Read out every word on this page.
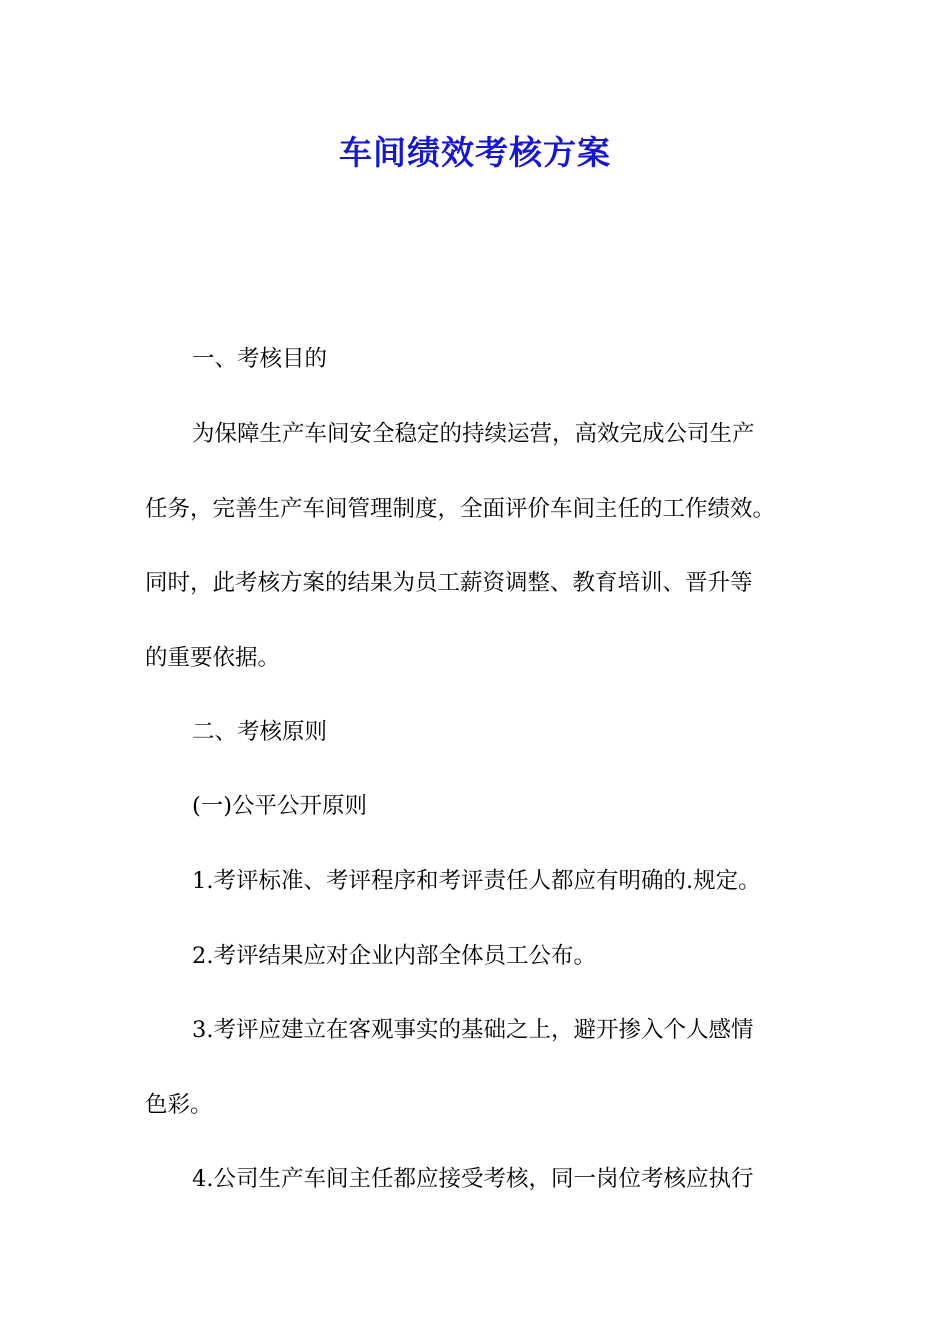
车间绩效考核方案

一、考核目的

为保障生产车间安全稳定的持续运营，高效完成公司生产

任务，完善生产车间管理制度，全面评价车间主任的工作绩效。

同时，此考核方案的结果为员工薪资调整、教育培训、晋升等

的重要依据。

二、考核原则

(一)公平公开原则

1.考评标准、考评程序和考评责任人都应有明确的.规定。

2.考评结果应对企业内部全体员工公布。

3.考评应建立在客观事实的基础之上，避开掺入个人感情

色彩。

4.公司生产车间主任都应接受考核，同一岗位考核应执行
